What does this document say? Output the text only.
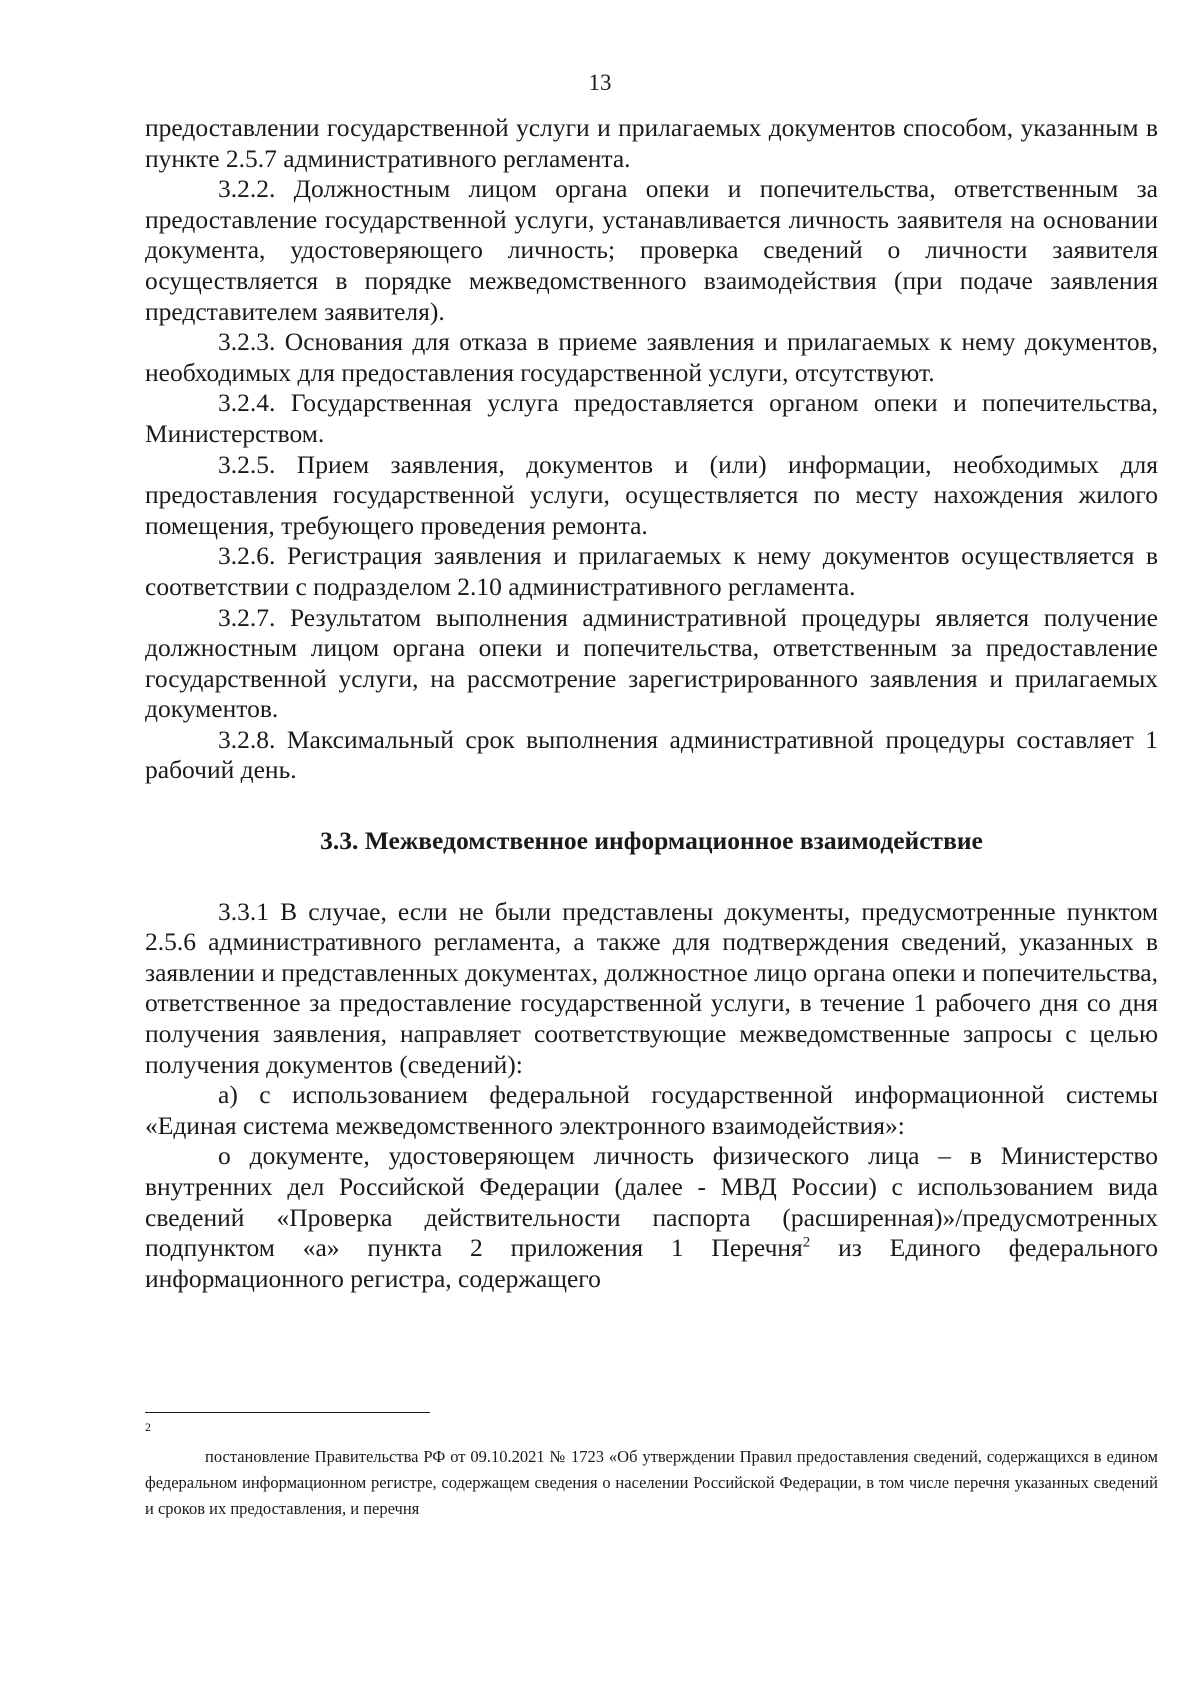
13

предоставлении государственной услуги и прилагаемых документов способом, указанным в пункте 2.5.7 административного регламента.

3.2.2. Должностным лицом органа опеки и попечительства, ответственным за предоставление государственной услуги, устанавливается личность заявителя на основании документа, удостоверяющего личность; проверка сведений о личности заявителя осуществляется в порядке межведомственного взаимодействия (при подаче заявления представителем заявителя).

3.2.3. Основания для отказа в приеме заявления и прилагаемых к нему документов, необходимых для предоставления государственной услуги, отсутствуют.

3.2.4. Государственная услуга предоставляется органом опеки и попечительства, Министерством.

3.2.5. Прием заявления, документов и (или) информации, необходимых для предоставления государственной услуги, осуществляется по месту нахождения жилого помещения, требующего проведения ремонта.

3.2.6. Регистрация заявления и прилагаемых к нему документов осуществляется в соответствии с подразделом 2.10 административного регламента.

3.2.7. Результатом выполнения административной процедуры является получение должностным лицом органа опеки и попечительства, ответственным за предоставление государственной услуги, на рассмотрение зарегистрированного заявления и прилагаемых документов.

3.2.8. Максимальный срок выполнения административной процедуры составляет 1 рабочий день.

3.3. Межведомственное информационное взаимодействие

3.3.1 В случае, если не были представлены документы, предусмотренные пунктом 2.5.6 административного регламента, а также для подтверждения сведений, указанных в заявлении и представленных документах, должностное лицо органа опеки и попечительства, ответственное за предоставление государственной услуги, в течение 1 рабочего дня со дня получения заявления, направляет соответствующие межведомственные запросы с целью получения документов (сведений):

а) с использованием федеральной государственной информационной системы «Единая система межведомственного электронного взаимодействия»:

о документе, удостоверяющем личность физического лица – в Министерство внутренних дел Российской Федерации (далее - МВД России) с использованием вида сведений «Проверка действительности паспорта (расширенная)»/предусмотренных подпунктом «а» пункта 2 приложения 1 Перечня$^2$ из Единого федерального информационного регистра, содержащего

$^2$
постановление Правительства РФ от 09.10.2021 № 1723 «Об утверждении Правил предоставления сведений, содержащихся в едином федеральном информационном регистре, содержащем сведения о населении Российской Федерации, в том числе перечня указанных сведений и сроков их предоставления, и перечня
